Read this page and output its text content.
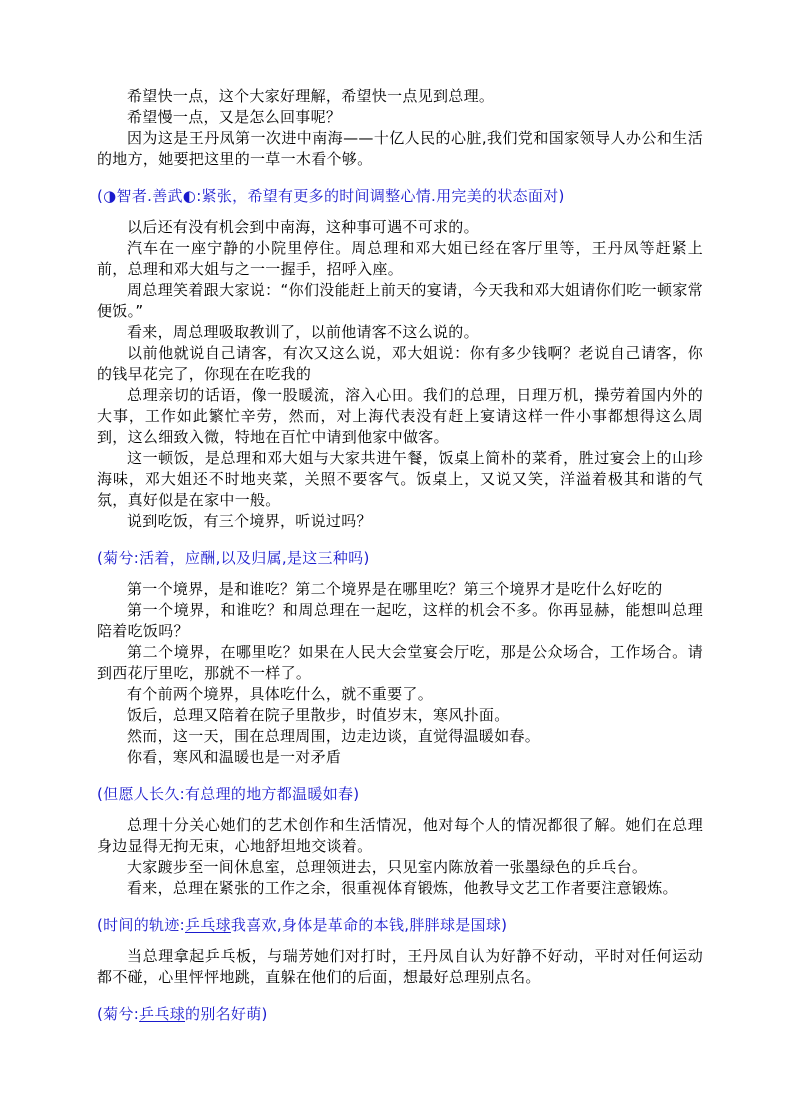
希望快一点，这个大家好理解，希望快一点见到总理。

希望慢一点，又是怎么回事呢？

因为这是王丹凤第一次进中南海——十亿人民的心脏,我们党和国家领导人办公和生活的地方，她要把这里的一草一木看个够。

(◑智者.善武◐:紧张，希望有更多的时间调整心情.用完美的状态面对)

以后还有没有机会到中南海，这种事可遇不可求的。

汽车在一座宁静的小院里停住。周总理和邓大姐已经在客厅里等，王丹凤等赶紧上前，总理和邓大姐与之一一握手，招呼入座。

周总理笑着跟大家说：“你们没能赶上前天的宴请，今天我和邓大姐请你们吃一顿家常便饭。”

看来，周总理吸取教训了，以前他请客不这么说的。

以前他就说自己请客，有次又这么说，邓大姐说：你有多少钱啊？老说自己请客，你的钱早花完了，你现在在吃我的

总理亲切的话语，像一股暖流，溶入心田。我们的总理，日理万机，操劳着国内外的大事，工作如此繁忙辛劳，然而，对上海代表没有赶上宴请这样一件小事都想得这么周到，这么细致入微，特地在百忙中请到他家中做客。

这一顿饭，是总理和邓大姐与大家共进午餐，饭桌上简朴的菜肴，胜过宴会上的山珍海味，邓大姐还不时地夹菜，关照不要客气。饭桌上，又说又笑，洋溢着极其和谐的气氛，真好似是在家中一般。

说到吃饭，有三个境界，听说过吗？

(菊兮:活着，应酬,以及归属,是这三种吗)

第一个境界，是和谁吃？第二个境界是在哪里吃？第三个境界才是吃什么好吃的

第一个境界，和谁吃？和周总理在一起吃，这样的机会不多。你再显赫，能想叫总理陪着吃饭吗？

第二个境界，在哪里吃？如果在人民大会堂宴会厅吃，那是公众场合，工作场合。请到西花厅里吃，那就不一样了。

有个前两个境界，具体吃什么，就不重要了。

饭后，总理又陪着在院子里散步，时值岁末，寒风扑面。

然而，这一天，围在总理周围，边走边谈，直觉得温暖如春。

你看，寒风和温暖也是一对矛盾

(但愿人长久:有总理的地方都温暖如春)

总理十分关心她们的艺术创作和生活情况，他对每个人的情况都很了解。她们在总理身边显得无拘无束，心地舒坦地交谈着。

大家踱步至一间休息室，总理领进去，只见室内陈放着一张墨绿色的乒乓台。

看来，总理在紧张的工作之余，很重视体育锻炼，他教导文艺工作者要注意锻炼。

(时间的轨迹:乒乓球我喜欢,身体是革命的本钱,胖胖球是国球)

当总理拿起乒乓板，与瑞芳她们对打时，王丹凤自认为好静不好动，平时对任何运动都不碰，心里怦怦地跳，直躲在他们的后面，想最好总理别点名。

(菊兮:乒乓球的别名好萌)
